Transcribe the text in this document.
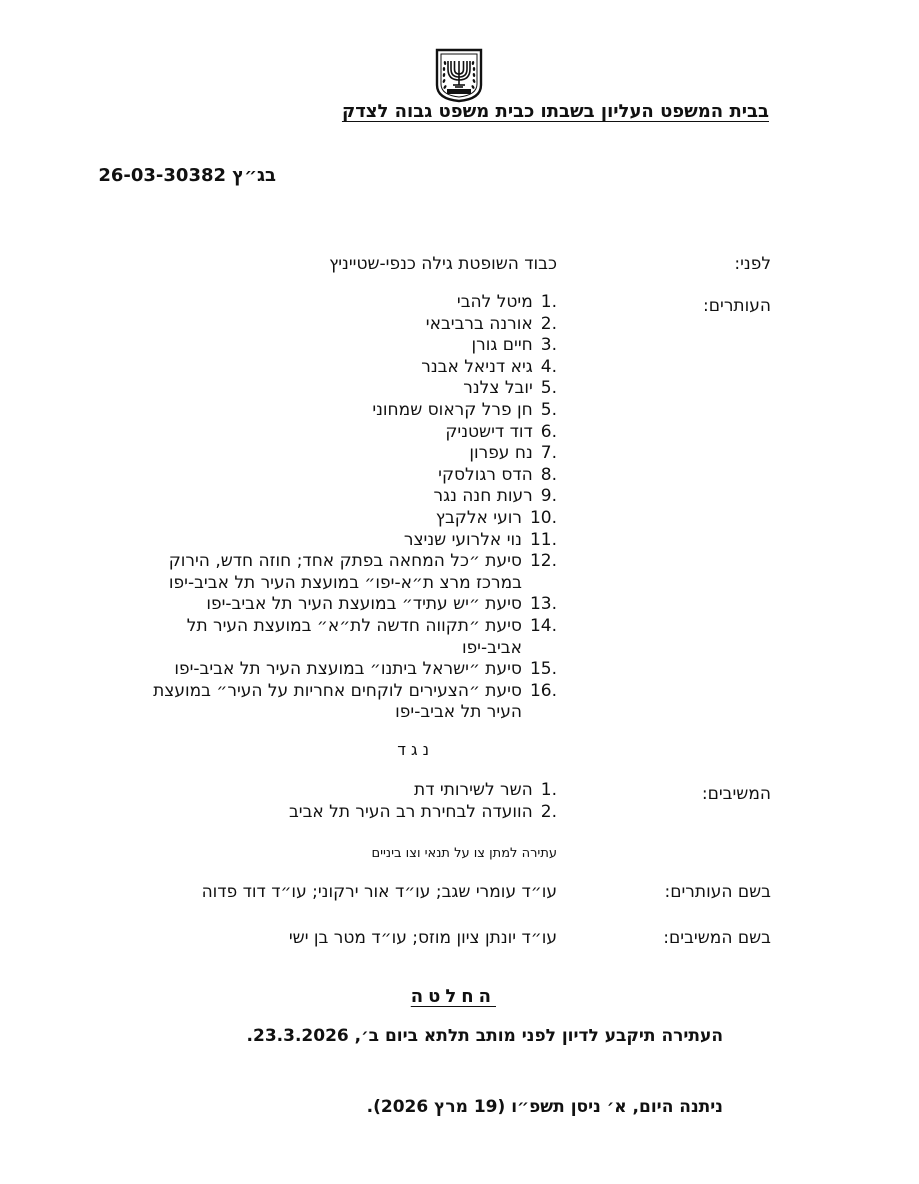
בבית המשפט העליון בשבתו כבית משפט גבוה לצדק
בג״ץ 26-03-30382
לפני:
כבוד השופטת גילה כנפי-שטייניץ
העותרים:
1.
מיטל להבי
2.
אורנה ברביבאי
3.
חיים גורן
4.
גיא דניאל אבנר
5.
יובל צלנר
5.
חן פרל קראוס שמחוני
6.
דוד דישטניק
7.
נח עפרון
8.
הדס רגולסקי
9.
רעות חנה נגר
10.
רועי אלקבץ
11.
נוי אלרועי שניצר
12.
סיעת ״כל המחאה בפתק אחד; חוזה חדש, הירוק במרכז מרצ ת״א-יפו״ במועצת העיר תל אביב-יפו
13.
סיעת ״יש עתיד״ במועצת העיר תל אביב-יפו
14.
סיעת ״תקווה חדשה לת״א״ במועצת העיר תל אביב-יפו
15.
סיעת ״ישראל ביתנו״ במועצת העיר תל אביב-יפו
16.
סיעת ״הצעירים לוקחים אחריות על העיר״ במועצת העיר תל אביב-יפו
נגד
המשיבים:
1.
השר לשירותי דת
2.
הוועדה לבחירת רב העיר תל אביב
עתירה למתן צו על תנאי וצו ביניים
בשם העותרים:
עו״ד עומרי שגב; עו״ד אור ירקוני; עו״ד דוד פדוה
בשם המשיבים:
עו״ד יונתן ציון מוזס; עו״ד מטר בן ישי
החלטה
העתירה תיקבע לדיון לפני מותב תלתא ביום ב׳, 23.3.2026.
ניתנה היום, א׳ ניסן תשפ״ו (19 מרץ 2026).
